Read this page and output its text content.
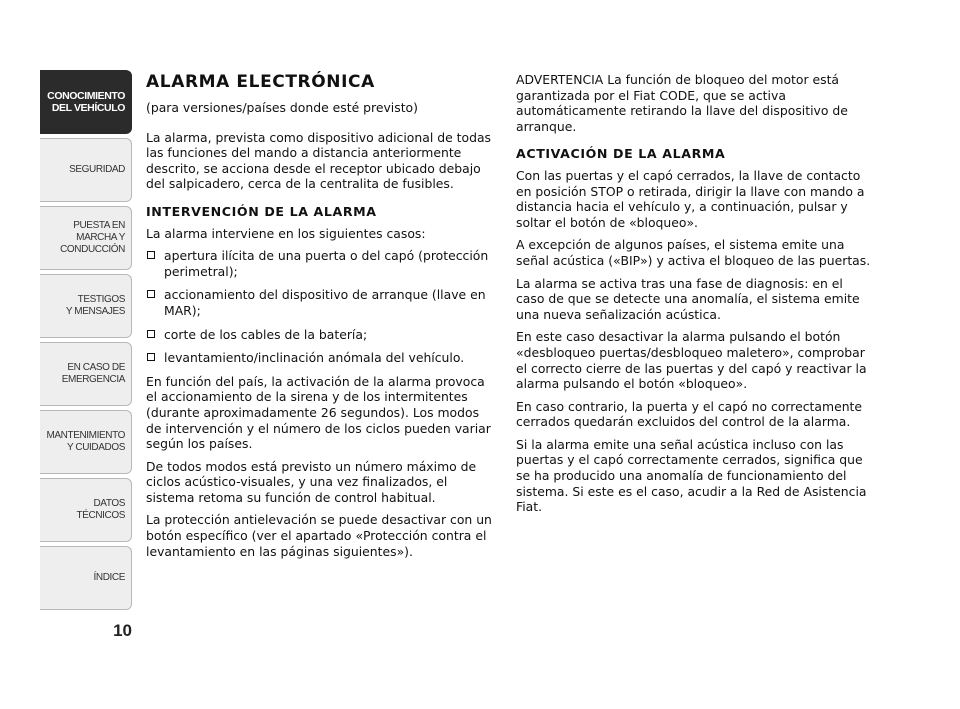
CONOCIMIENTO
DEL VEHÍCULO
SEGURIDAD
PUESTA EN
MARCHA Y
CONDUCCIÓN
TESTIGOS
Y MENSAJES
EN CASO DE
EMERGENCIA
MANTENIMIENTO
Y CUIDADOS
DATOS
TÉCNICOS
ÍNDICE
10
ALARMA ELECTRÓNICA

(para versiones/países donde esté previsto)

La alarma, prevista como dispositivo adicional de todas las funciones del mando a distancia anteriormente descrito, se acciona desde el receptor ubicado debajo del salpicadero, cerca de la centralita de fusibles.

INTERVENCIÓN DE LA ALARMA

La alarma interviene en los siguientes casos:

apertura ilícita de una puerta o del capó (protección perimetral);
accionamiento del dispositivo de arranque (llave en MAR);
corte de los cables de la batería;
levantamiento/inclinación anómala del vehículo.

En función del país, la activación de la alarma provoca el accionamiento de la sirena y de los intermitentes (durante aproximadamente 26 segundos). Los modos de intervención y el número de los ciclos pueden variar según los países.

De todos modos está previsto un número máximo de ciclos acústico-visuales, y una vez finalizados, el sistema retoma su función de control habitual.

La protección antielevación se puede desactivar con un botón específico (ver el apartado «Protección contra el levantamiento en las páginas siguientes»).

ADVERTENCIA La función de bloqueo del motor está garantizada por el Fiat CODE, que se activa automáticamente retirando la llave del dispositivo de arranque.

ACTIVACIÓN DE LA ALARMA

Con las puertas y el capó cerrados, la llave de contacto en posición STOP o retirada, dirigir la llave con mando a distancia hacia el vehículo y, a continuación, pulsar y soltar el botón de «bloqueo».

A excepción de algunos países, el sistema emite una señal acústica («BIP») y activa el bloqueo de las puertas.

La alarma se activa tras una fase de diagnosis: en el caso de que se detecte una anomalía, el sistema emite una nueva señalización acústica.

En este caso desactivar la alarma pulsando el botón «desbloqueo puertas/desbloqueo maletero», comprobar el correcto cierre de las puertas y del capó y reactivar la alarma pulsando el botón «bloqueo».

En caso contrario, la puerta y el capó no correctamente cerrados quedarán excluidos del control de la alarma.

Si la alarma emite una señal acústica incluso con las puertas y el capó correctamente cerrados, significa que se ha producido una anomalía de funcionamiento del sistema. Si este es el caso, acudir a la Red de Asistencia Fiat.
